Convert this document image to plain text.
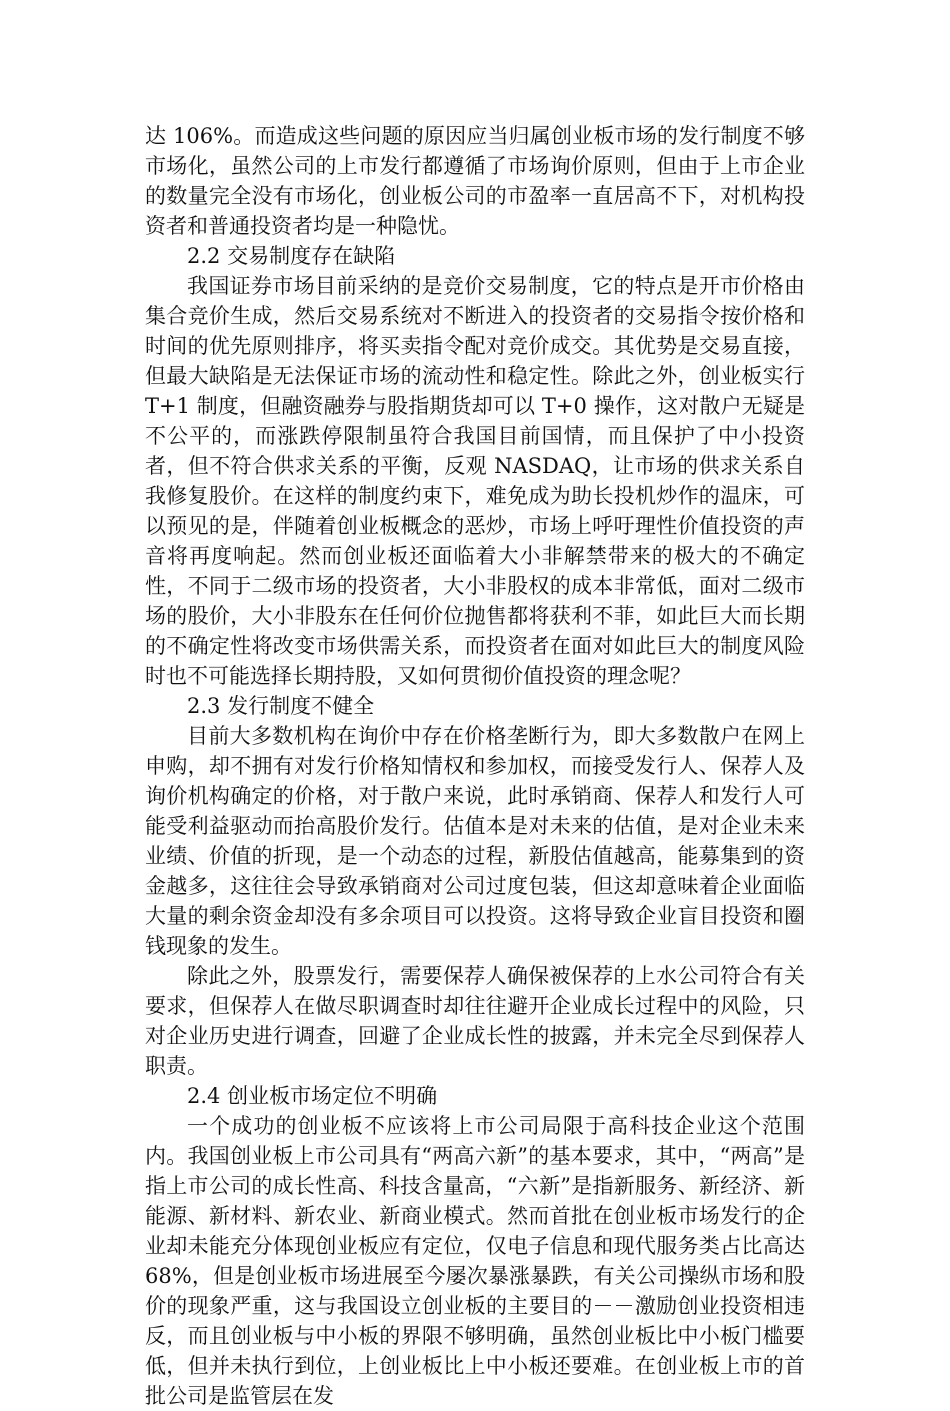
达 106%。而造成这些问题的原因应当归属创业板市场的发行制度不够市场化，虽然公司的上市发行都遵循了市场询价原则，但由于上市企业的数量完全没有市场化，创业板公司的市盈率一直居高不下，对机构投资者和普通投资者均是一种隐忧。

2.2 交易制度存在缺陷

我国证券市场目前采纳的是竞价交易制度，它的特点是开市价格由集合竞价生成，然后交易系统对不断进入的投资者的交易指令按价格和时间的优先原则排序，将买卖指令配对竞价成交。其优势是交易直接，但最大缺陷是无法保证市场的流动性和稳定性。除此之外，创业板实行 T+1 制度，但融资融券与股指期货却可以 T+0 操作，这对散户无疑是不公平的，而涨跌停限制虽符合我国目前国情，而且保护了中小投资者，但不符合供求关系的平衡，反观 NASDAQ，让市场的供求关系自我修复股价。在这样的制度约束下，难免成为助长投机炒作的温床，可以预见的是，伴随着创业板概念的恶炒，市场上呼吁理性价值投资的声音将再度响起。然而创业板还面临着大小非解禁带来的极大的不确定性，不同于二级市场的投资者，大小非股权的成本非常低，面对二级市场的股价，大小非股东在任何价位抛售都将获利不菲，如此巨大而长期的不确定性将改变市场供需关系，而投资者在面对如此巨大的制度风险时也不可能选择长期持股，又如何贯彻价值投资的理念呢？

2.3 发行制度不健全

目前大多数机构在询价中存在价格垄断行为，即大多数散户在网上申购，却不拥有对发行价格知情权和参加权，而接受发行人、保荐人及询价机构确定的价格，对于散户来说，此时承销商、保荐人和发行人可能受利益驱动而抬高股价发行。估值本是对未来的估值，是对企业未来业绩、价值的折现，是一个动态的过程，新股估值越高，能募集到的资金越多，这往往会导致承销商对公司过度包装，但这却意味着企业面临大量的剩余资金却没有多余项目可以投资。这将导致企业盲目投资和圈钱现象的发生。

除此之外，股票发行，需要保荐人确保被保荐的上水公司符合有关要求，但保荐人在做尽职调查时却往往避开企业成长过程中的风险，只对企业历史进行调查，回避了企业成长性的披露，并未完全尽到保荐人职责。

2.4 创业板市场定位不明确

一个成功的创业板不应该将上市公司局限于高科技企业这个范围内。我国创业板上市公司具有“两高六新”的基本要求，其中，“两高”是指上市公司的成长性高、科技含量高，“六新”是指新服务、新经济、新能源、新材料、新农业、新商业模式。然而首批在创业板市场发行的企业却未能充分体现创业板应有定位，仅电子信息和现代服务类占比高达 68%，但是创业板市场进展至今屡次暴涨暴跌，有关公司操纵市场和股价的现象严重，这与我国设立创业板的主要目的－－激励创业投资相违反，而且创业板与中小板的界限不够明确，虽然创业板比中小板门槛要低，但并未执行到位，上创业板比上中小板还要难。在创业板上市的首批公司是监管层在发
